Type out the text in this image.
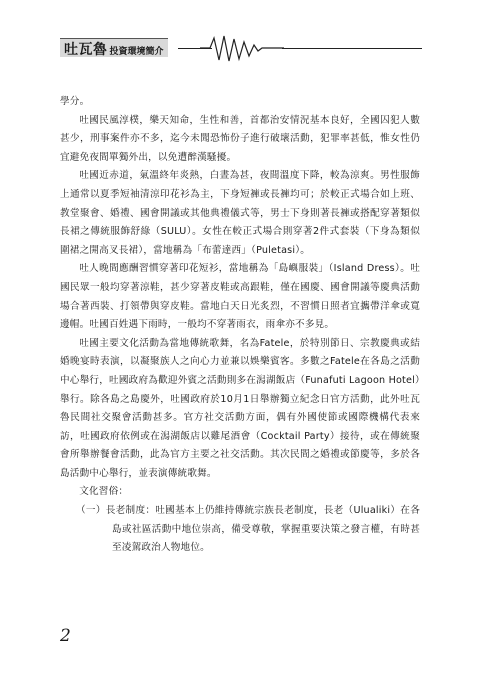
吐瓦魯 投資環境簡介

學分。

吐國民風淳樸，樂天知命，生性和善，首都治安情況基本良好，全國囚犯人數甚少，刑事案件亦不多，迄今未聞恐怖份子進行破壞活動，犯罪率甚低，惟女性仍宜避免夜間單獨外出，以免遭醉漢騷擾。

吐國近赤道，氣溫終年炎熱，白晝為甚，夜間溫度下降，較為涼爽。男性服飾上通常以夏季短袖清涼印花衫為主，下身短褲或長褲均可；於較正式場合如上班、教堂聚會、婚禮、國會開議或其他典禮儀式等，男士下身則著長褲或搭配穿著類似長裙之傳統服飾舒綠（SULU）。女性在較正式場合則穿著2件式套裝（下身為類似圍裙之開高叉長裙），當地稱為「布蕾達西」（Puletasi）。

吐人晚間應酬習慣穿著印花短衫，當地稱為「島嶼服裝」（Island Dress）。吐國民眾一般均穿著涼鞋，甚少穿著皮鞋或高跟鞋，僅在國慶、國會開議等慶典活動場合著西裝、打領帶與穿皮鞋。當地白天日光炙烈，不習慣日照者宜攜帶洋傘或寬邊帽。吐國百姓遇下雨時，一般均不穿著雨衣，雨傘亦不多見。

吐國主要文化活動為當地傳統歌舞，名為Fatele，於特別節日、宗教慶典或結婚晚宴時表演，以凝聚族人之向心力並兼以娛樂賓客。多數之Fatele在各島之活動中心舉行，吐國政府為歡迎外賓之活動則多在潟湖飯店（Funafuti Lagoon Hotel）舉行。除各島之島慶外，吐國政府於10月1日舉辦獨立紀念日官方活動，此外吐瓦魯民間社交聚會活動甚多。官方社交活動方面，偶有外國使節或國際機構代表來訪，吐國政府依例或在潟湖飯店以雞尾酒會（Cocktail Party）接待，或在傳統聚會所舉辦餐會活動，此為官方主要之社交活動。其次民間之婚禮或節慶等，多於各島活動中心舉行，並表演傳統歌舞。

文化習俗：

（一）長老制度：吐國基本上仍維持傳統宗族長老制度，長老（Ulualiki）在各島或社區活動中地位崇高，備受尊敬，掌握重要決策之發言權，有時甚至凌駕政治人物地位。

2
